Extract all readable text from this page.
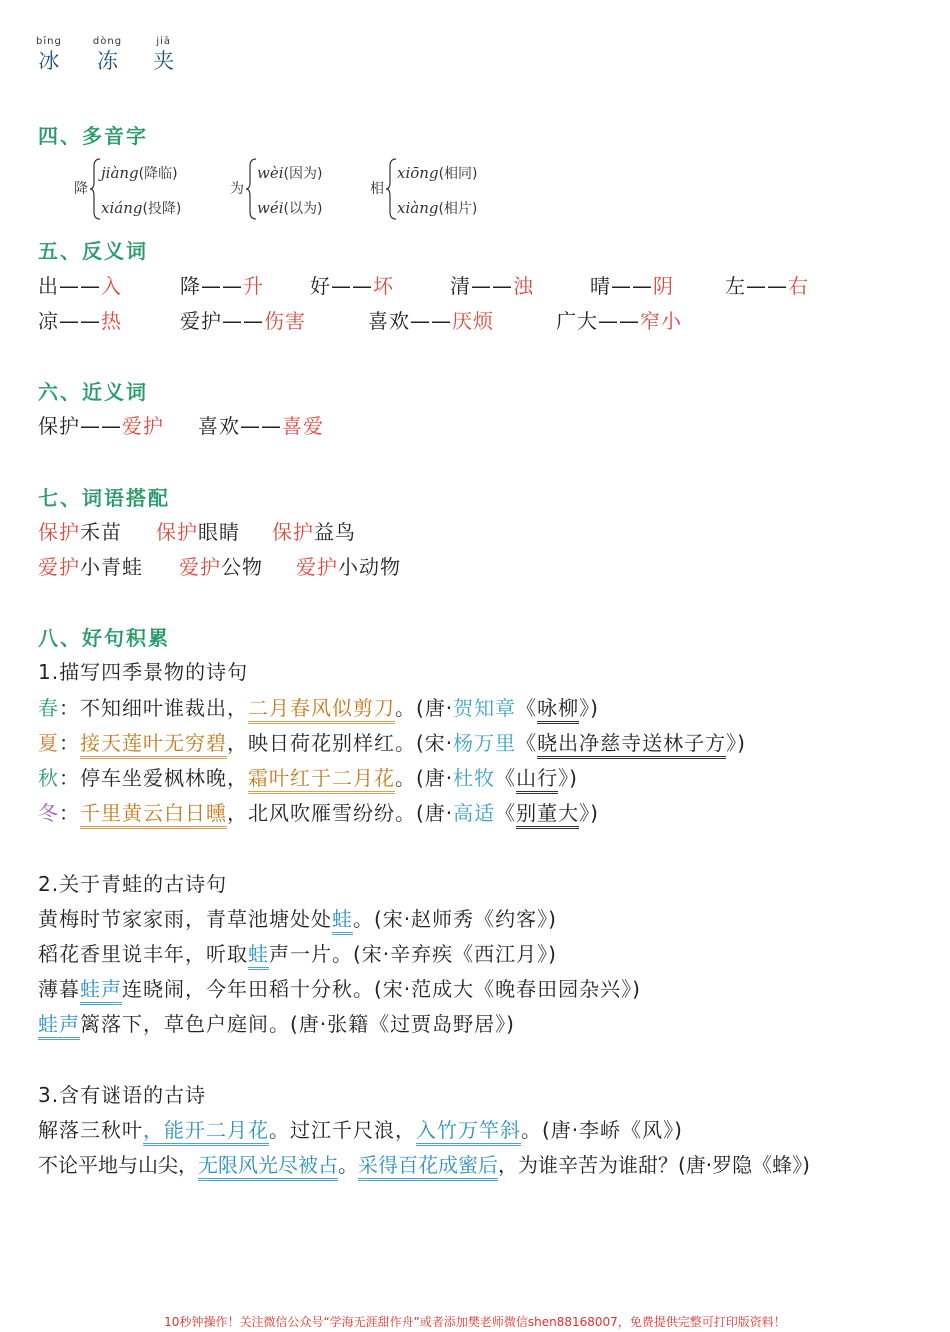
bīng
冰

dòng
冻

jiā
夹
四、多音字
降
jiàng(降临)
xiáng(投降)
为
wèi(因为)
wéi(以为)
相
xiōng(相同)
xiàng(相片)
五、反义词
出——入	降——升 好——坏	清——浊	晴——阴	左——右
凉——热	爱护——伤害	喜欢——厌烦	广大——窄小
六、近义词
保护——爱护 喜欢——喜爱
七、词语搭配
保护禾苗 保护眼睛 保护益鸟
爱护小青蛙 爱护公物 爱护小动物
八、好句积累
1.描写四季景物的诗句
春：不知细叶谁裁出，二月春风似剪刀。(唐·贺知章《咏柳》)
夏：接天莲叶无穷碧，映日荷花别样红。(宋·杨万里《晓出净慈寺送林子方》)
秋：停车坐爱枫林晚，霜叶红于二月花。(唐·杜牧《山行》)
冬：千里黄云白日曛，北风吹雁雪纷纷。(唐·高适《别董大》)
2.关于青蛙的古诗句
黄梅时节家家雨，青草池塘处处蛙。(宋·赵师秀《约客》)
稻花香里说丰年，听取蛙声一片。(宋·辛弃疾《西江月》)
薄暮蛙声连晓闹，今年田稻十分秋。(宋·范成大《晚春田园杂兴》)
蛙声篱落下，草色户庭间。(唐·张籍《过贾岛野居》)
3.含有谜语的古诗
解落三秋叶，能开二月花。过江千尺浪，入竹万竿斜。(唐·李峤《风》)
不论平地与山尖，无限风光尽被占。采得百花成蜜后，为谁辛苦为谁甜？(唐·罗隐《蜂》)
10秒钟操作！关注微信公众号“学海无涯甜作舟”或者添加樊老师微信shen88168007，免费提供完整可打印版资料！
